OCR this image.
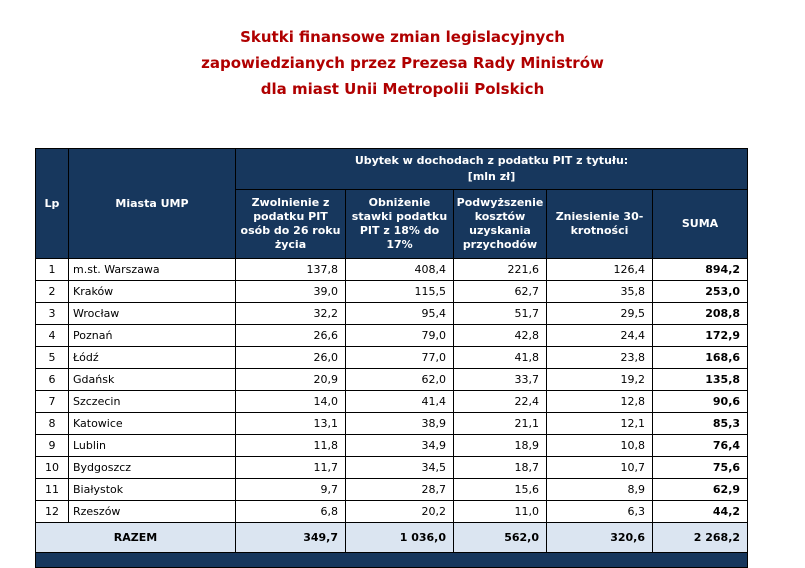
Skutki finansowe zmian legislacyjnych
zapowiedzianych przez Prezesa Rady Ministrów
dla miast Unii Metropolii Polskich
Lp	Miasta UMP	Ubytek w dochodach z podatku PIT z tytułu:
[mln zł]				

		Zwolnienie z podatku PIT osób do 26 roku życia	Obniżenie stawki podatku PIT z 18% do 17%	Podwyższenie kosztów uzyskania przychodów	Zniesienie 30-krotności	SUMA
1	m.st. Warszawa	137,8	408,4	221,6	126,4	894,2
2	Kraków	39,0	115,5	62,7	35,8	253,0
3	Wrocław	32,2	95,4	51,7	29,5	208,8
4	Poznań	26,6	79,0	42,8	24,4	172,9
5	Łódź	26,0	77,0	41,8	23,8	168,6
6	Gdańsk	20,9	62,0	33,7	19,2	135,8
7	Szczecin	14,0	41,4	22,4	12,8	90,6
8	Katowice	13,1	38,9	21,1	12,1	85,3
9	Lublin	11,8	34,9	18,9	10,8	76,4
10	Bydgoszcz	11,7	34,5	18,7	10,7	75,6
11	Białystok	9,7	28,7	15,6	8,9	62,9
12	Rzeszów	6,8	20,2	11,0	6,3	44,2
RAZEM		349,7	1 036,0	562,0	320,6	2 268,2
